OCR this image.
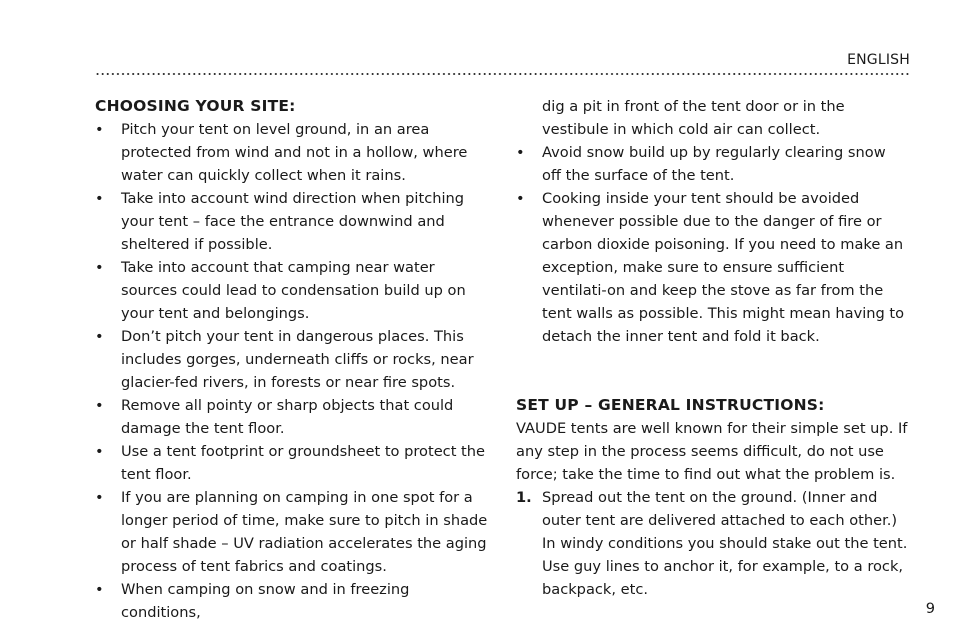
ENGLISH
CHOOSING YOUR SITE:
• Pitch your tent on level ground, in an area protected from wind and not in a hollow, where water can quickly collect when it rains.
• Take into account wind direction when pitching your tent – face the entrance downwind and sheltered if possible.
• Take into account that camping near water sources could lead to condensation build up on your tent and belongings.
• Don’t pitch your tent in dangerous places. This includes gorges, underneath cliffs or rocks, near glacier-fed rivers, in forests or near fire spots.
• Remove all pointy or sharp objects that could damage the tent floor.
• Use a tent footprint or groundsheet to protect the tent floor.
• If you are planning on camping in one spot for a longer period of time, make sure to pitch in shade or half shade – UV radiation accelerates the aging process of tent fabrics and coatings.
• When camping on snow and in freezing conditions,

dig a pit in front of the tent door or in the vestibule in which cold air can collect.

• Avoid snow build up by regularly clearing snow off the surface of the tent.
• Cooking inside your tent should be avoided whenever possible due to the danger of fire or carbon dioxide poisoning. If you need to make an exception, make sure to ensure sufficient ventilati-on and keep the stove as far from the tent walls as possible. This might mean having to detach the inner tent and fold it back.
SET UP – GENERAL INSTRUCTIONS:

VAUDE tents are well known for their simple set up. If any step in the process seems difficult, do not use force; take the time to find out what the problem is.

1. Spread out the tent on the ground. (Inner and outer tent are delivered attached to each other.) In windy conditions you should stake out the tent. Use guy lines to anchor it, for example, to a rock, backpack, etc.
9
